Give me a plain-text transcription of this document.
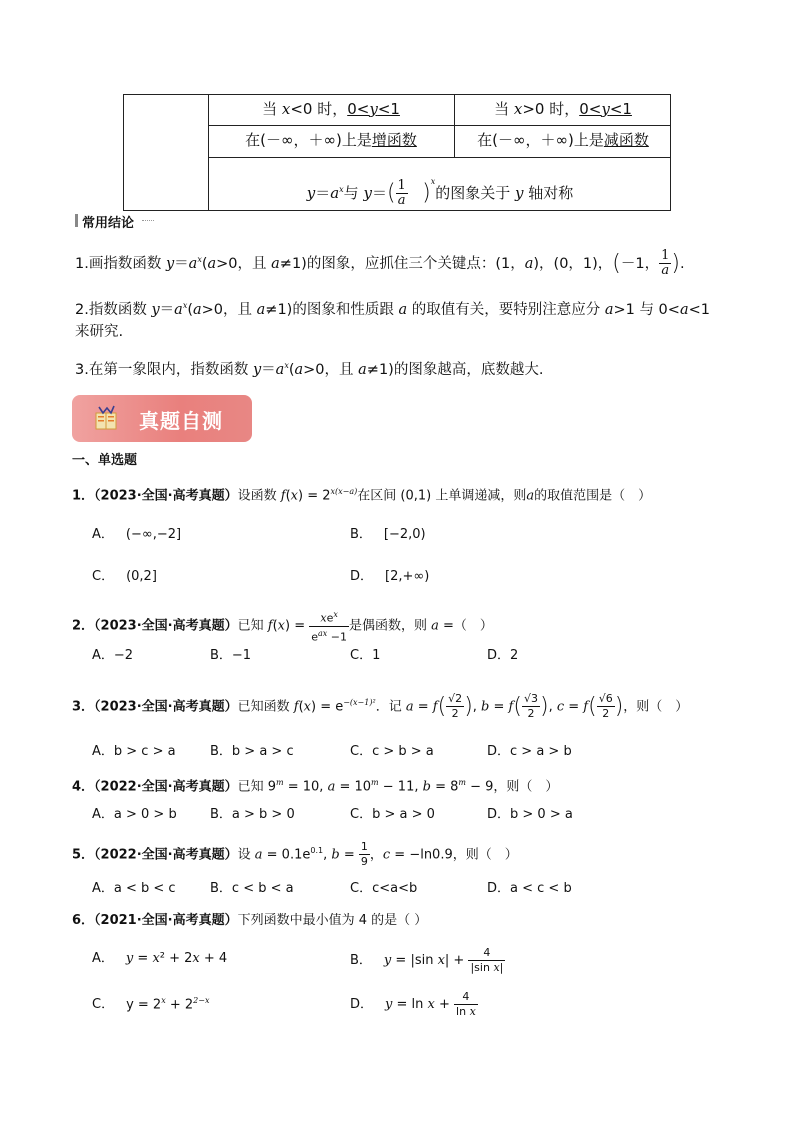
当 x<0 时，0<y<1	当 x>0 时，0<y<1
在(－∞，＋∞)上是增函数	在(－∞，＋∞)上是减函数
$y=a^x$与 $y=( \frac{1}{a} )^x$的图象关于 y 轴对称
常用结论
1.画指数函数 $y=a^x(a>0$，且 a≠1)的图象，应抓住三个关键点：(1，a)，(0，1)，(－1， $\frac{1}{a}$ ).
2.指数函数 $y=a^x(a>0$，且 a≠1)的图象和性质跟 a 的取值有关，要特别注意应分 a>1 与 0<a<1
来研究.
3.在第一象限内，指数函数 $y=a^x(a>0$，且 a≠1)的图象越高，底数越大.
真题自测
一、单选题
1．（2023·全国·高考真题）设函数 $f(x) = 2^{x(x-a)}$在区间 (0,1) 上单调递减，则a的取值范围是（　）
A． (−∞,−2]	B． [−2,0)
C． (0,2]	D． [2,+∞)
2．（2023·全国·高考真题）已知 $f(x) = \frac{xe^x}{e^{ax} -1}$ 是偶函数，则 a =（　）
A．−2	B．−1	C．1	D．2
3．（2023·全国·高考真题）已知函数 $f(x) = e^{-(x-1)^2}$．记 $a = f( \frac{√2}{2}$ ), $b = f( \frac{√3}{2}$ ), $c = f( \frac{√6}{2}$ )，则（　）
A．b > c > a	B．b > a > c	C．c > b > a	D．c > a > b
4．（2022·全国·高考真题）已知 $9^m = 10$, $a = 10^m - 11$, $b = 8^m - 9$，则（　）
A．a > 0 > b	B．a > b > 0	C．b > a > 0	D．b > 0 > a
5．（2022·全国·高考真题）设 $a = 0.1e^{0.1}$, $b = \frac{1}{9}$ ，c = −ln0.9，则（　）
A．a < b < c	B．c < b < a	C．c<a<b	D．a < c < b
6．（2021·全国·高考真题）下列函数中最小值为 4 的是（ ）
A． y = x² + 2x + 4	B． y = |sin $x| + \frac{4}{\text{|sin x|}}$
C． $y = 2^x + 2^{2-x}$	D． $y = \ln x + \frac{4}{\text{ln x}}$
